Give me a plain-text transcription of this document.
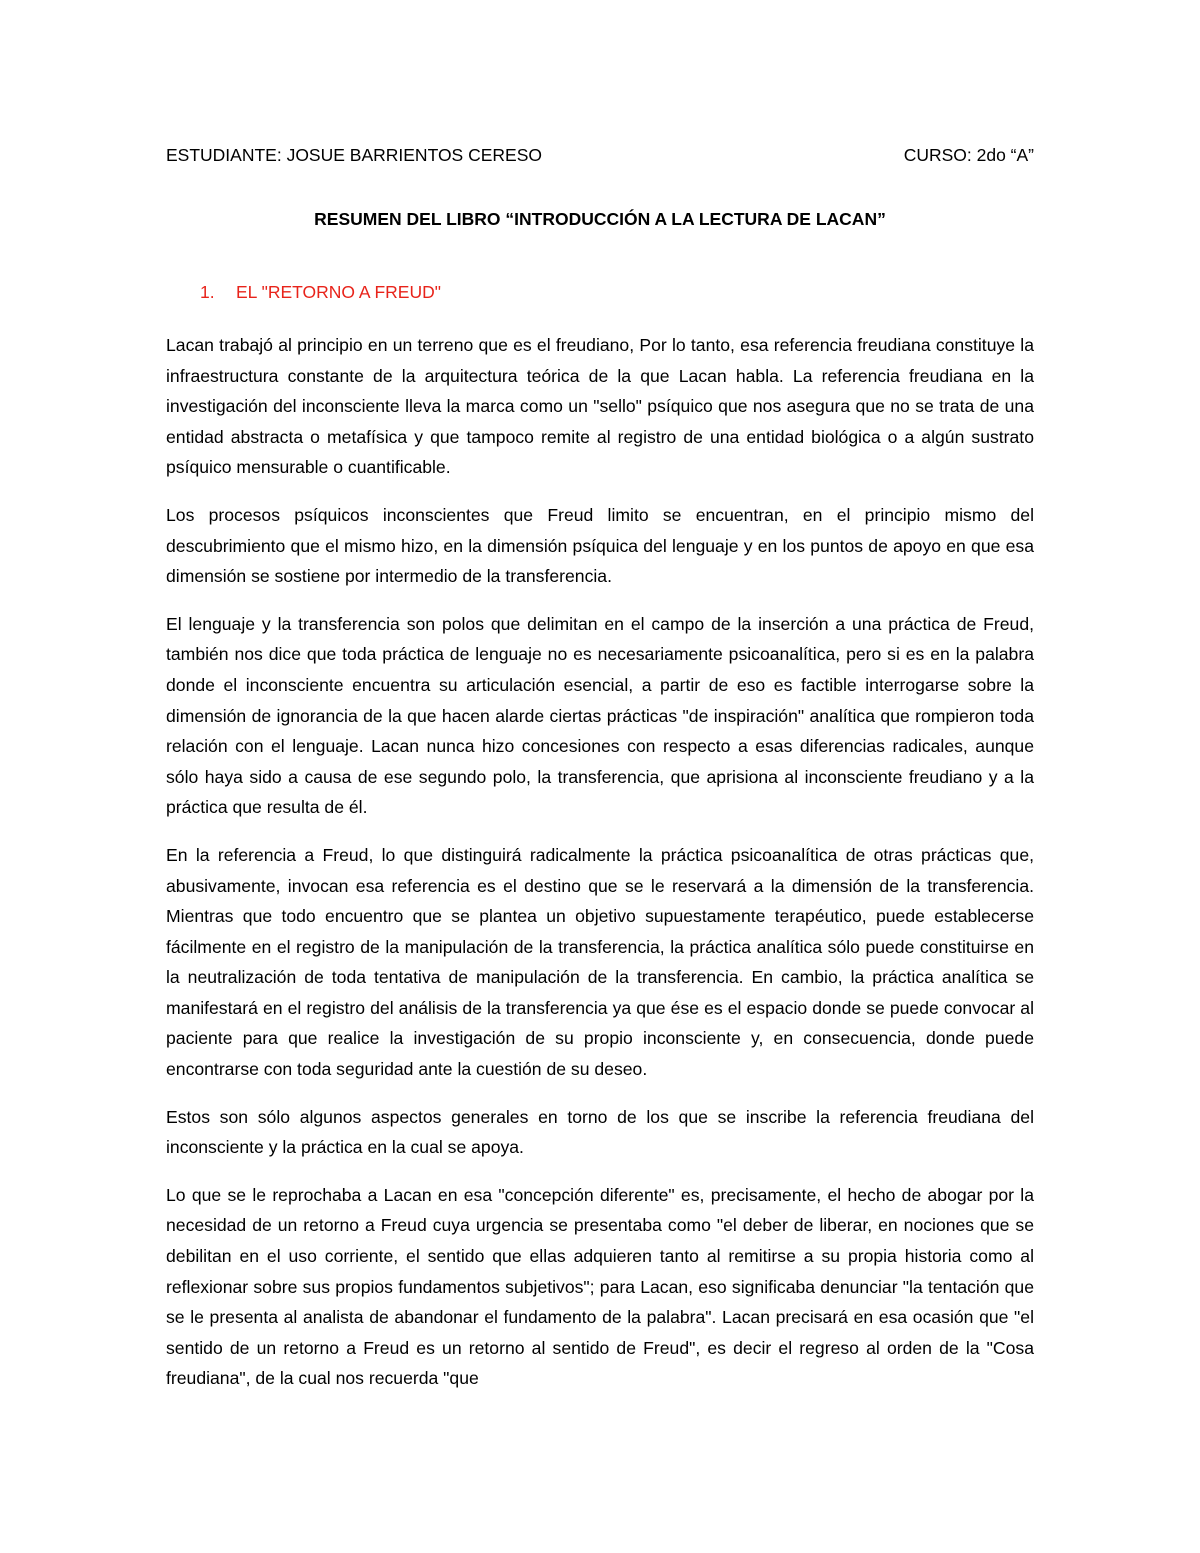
ESTUDIANTE: JOSUE BARRIENTOS CERESO	CURSO: 2do “A”
RESUMEN DEL LIBRO “INTRODUCCIÓN A LA LECTURA DE LACAN”
1. EL "RETORNO A FREUD"

Lacan trabajó al principio en un terreno que es el freudiano, Por lo tanto, esa referencia freudiana constituye la infraestructura constante de la arquitectura teórica de la que Lacan habla. La referencia freudiana en la investigación del inconsciente lleva la marca como un "sello" psíquico que nos asegura que no se trata de una entidad abstracta o metafísica y que tampoco remite al registro de una entidad biológica o a algún sustrato psíquico mensurable o cuantificable.

Los procesos psíquicos inconscientes que Freud limito se encuentran, en el principio mismo del descubrimiento que el mismo hizo, en la dimensión psíquica del lenguaje y en los puntos de apoyo en que esa dimensión se sostiene por intermedio de la transferencia.

El lenguaje y la transferencia son polos que delimitan en el campo de la inserción a una práctica de Freud, también nos dice que toda práctica de lenguaje no es necesariamente psicoanalítica, pero si es en la palabra donde el inconsciente encuentra su articulación esencial, a partir de eso es factible interrogarse sobre la dimensión de ignorancia de la que hacen alarde ciertas prácticas "de inspiración" analítica que rompieron toda relación con el lenguaje. Lacan nunca hizo concesiones con respecto a esas diferencias radicales, aunque sólo haya sido a causa de ese segundo polo, la transferencia, que aprisiona al inconsciente freudiano y a la práctica que resulta de él.

En la referencia a Freud, lo que distinguirá radicalmente la práctica psicoanalítica de otras prácticas que, abusivamente, invocan esa referencia es el destino que se le reservará a la dimensión de la transferencia. Mientras que todo encuentro que se plantea un objetivo supuestamente terapéutico, puede establecerse fácilmente en el registro de la manipulación de la transferencia, la práctica analítica sólo puede constituirse en la neutralización de toda tentativa de manipulación de la transferencia. En cambio, la práctica analítica se manifestará en el registro del análisis de la transferencia ya que ése es el espacio donde se puede convocar al paciente para que realice la investigación de su propio inconsciente y, en consecuencia, donde puede encontrarse con toda seguridad ante la cuestión de su deseo.

Estos son sólo algunos aspectos generales en torno de los que se inscribe la referencia freudiana del inconsciente y la práctica en la cual se apoya.

Lo que se le reprochaba a Lacan en esa "concepción diferente" es, precisamente, el hecho de abogar por la necesidad de un retorno a Freud cuya urgencia se presentaba como "el deber de liberar, en nociones que se debilitan en el uso corriente, el sentido que ellas adquieren tanto al remitirse a su propia historia como al reflexionar sobre sus propios fundamentos subjetivos"; para Lacan, eso significaba denunciar "la tentación que se le presenta al analista de abandonar el fundamento de la palabra". Lacan precisará en esa ocasión que "el sentido de un retorno a Freud es un retorno al sentido de Freud", es decir el regreso al orden de la "Cosa freudiana", de la cual nos recuerda "que
